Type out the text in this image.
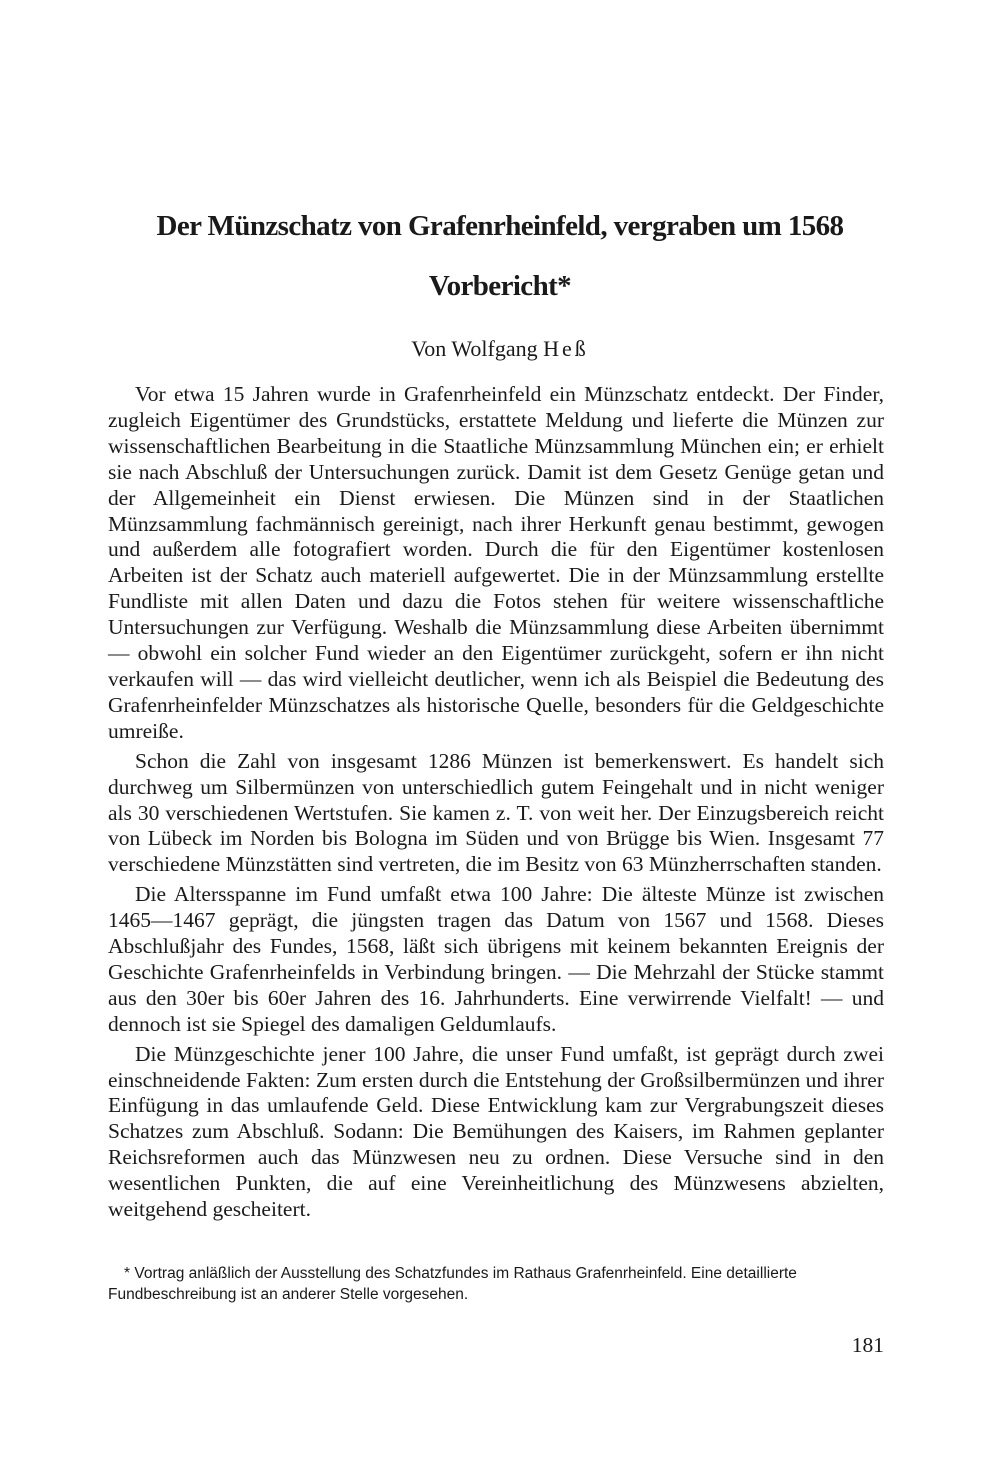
Der Münzschatz von Grafenrheinfeld, vergraben um 1568
Vorbericht*

Von Wolfgang Heß

Vor etwa 15 Jahren wurde in Grafenrheinfeld ein Münzschatz entdeckt. Der Finder, zugleich Eigentümer des Grundstücks, erstattete Meldung und lieferte die Münzen zur wissenschaftlichen Bearbeitung in die Staatliche Münzsammlung München ein; er erhielt sie nach Abschluß der Untersuchungen zurück. Damit ist dem Gesetz Genüge getan und der Allgemeinheit ein Dienst erwiesen. Die Münzen sind in der Staatlichen Münzsammlung fachmännisch gereinigt, nach ihrer Herkunft genau bestimmt, gewogen und außerdem alle fotografiert worden. Durch die für den Eigentümer kostenlosen Arbeiten ist der Schatz auch materiell aufgewertet. Die in der Münzsammlung erstellte Fundliste mit allen Daten und dazu die Fotos stehen für weitere wissenschaftliche Untersuchungen zur Verfügung. Weshalb die Münzsammlung diese Arbeiten übernimmt — obwohl ein solcher Fund wieder an den Eigentümer zurückgeht, sofern er ihn nicht verkaufen will — das wird vielleicht deutlicher, wenn ich als Beispiel die Bedeutung des Grafenrheinfelder Münzschatzes als historische Quelle, besonders für die Geldgeschichte umreiße.

Schon die Zahl von insgesamt 1286 Münzen ist bemerkenswert. Es handelt sich durchweg um Silbermünzen von unterschiedlich gutem Feingehalt und in nicht weniger als 30 verschiedenen Wertstufen. Sie kamen z. T. von weit her. Der Einzugsbereich reicht von Lübeck im Norden bis Bologna im Süden und von Brügge bis Wien. Insgesamt 77 verschiedene Münzstätten sind vertreten, die im Besitz von 63 Münzherrschaften standen.

Die Altersspanne im Fund umfaßt etwa 100 Jahre: Die älteste Münze ist zwischen 1465—1467 geprägt, die jüngsten tragen das Datum von 1567 und 1568. Dieses Abschlußjahr des Fundes, 1568, läßt sich übrigens mit keinem bekannten Ereignis der Geschichte Grafenrheinfelds in Verbindung bringen. — Die Mehrzahl der Stücke stammt aus den 30er bis 60er Jahren des 16. Jahrhunderts. Eine verwirrende Vielfalt! — und dennoch ist sie Spiegel des damaligen Geldumlaufs.

Die Münzgeschichte jener 100 Jahre, die unser Fund umfaßt, ist geprägt durch zwei einschneidende Fakten: Zum ersten durch die Entstehung der Großsilbermünzen und ihrer Einfügung in das umlaufende Geld. Diese Entwicklung kam zur Vergrabungszeit dieses Schatzes zum Abschluß. Sodann: Die Bemühungen des Kaisers, im Rahmen geplanter Reichsreformen auch das Münzwesen neu zu ordnen. Diese Versuche sind in den wesentlichen Punkten, die auf eine Vereinheitlichung des Münzwesens abzielten, weitgehend gescheitert.

* Vortrag anläßlich der Ausstellung des Schatzfundes im Rathaus Grafenrheinfeld. Eine detaillierte Fundbeschreibung ist an anderer Stelle vorgesehen.

181
